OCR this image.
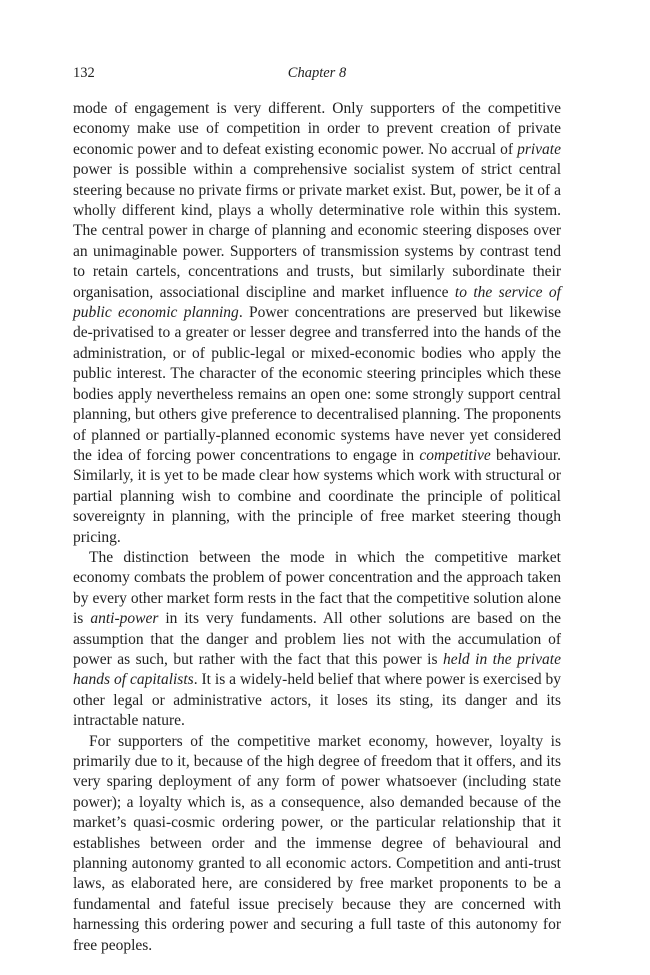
132	Chapter 8

mode of engagement is very different. Only supporters of the competitive economy make use of competition in order to prevent creation of private economic power and to defeat existing economic power. No accrual of private power is possible within a comprehensive socialist system of strict central steering because no private firms or private market exist. But, power, be it of a wholly different kind, plays a wholly determinative role within this system. The central power in charge of planning and economic steering disposes over an unimaginable power. Supporters of transmission systems by contrast tend to retain cartels, concentrations and trusts, but similarly subordinate their organisation, associational discipline and market influence to the service of public economic planning. Power concentrations are preserved but likewise de-privatised to a greater or lesser degree and transferred into the hands of the administration, or of public-legal or mixed-economic bodies who apply the public interest. The character of the economic steering principles which these bodies apply nevertheless remains an open one: some strongly support central planning, but others give preference to decentralised planning. The proponents of planned or partially-planned economic systems have never yet considered the idea of forcing power concentrations to engage in competitive behaviour. Similarly, it is yet to be made clear how systems which work with structural or partial planning wish to combine and coordinate the principle of political sovereignty in planning, with the principle of free market steering though pricing.

The distinction between the mode in which the competitive market economy combats the problem of power concentration and the approach taken by every other market form rests in the fact that the competitive solution alone is anti-power in its very fundaments. All other solutions are based on the assumption that the danger and problem lies not with the accumulation of power as such, but rather with the fact that this power is held in the private hands of capitalists. It is a widely-held belief that where power is exercised by other legal or administrative actors, it loses its sting, its danger and its intractable nature.

For supporters of the competitive market economy, however, loyalty is primarily due to it, because of the high degree of freedom that it offers, and its very sparing deployment of any form of power whatsoever (including state power); a loyalty which is, as a consequence, also demanded because of the market’s quasi-cosmic ordering power, or the particular relationship that it establishes between order and the immense degree of behavioural and planning autonomy granted to all economic actors. Competition and anti-trust laws, as elaborated here, are considered by free market proponents to be a fundamental and fateful issue precisely because they are concerned with harnessing this ordering power and securing a full taste of this autonomy for free peoples.
